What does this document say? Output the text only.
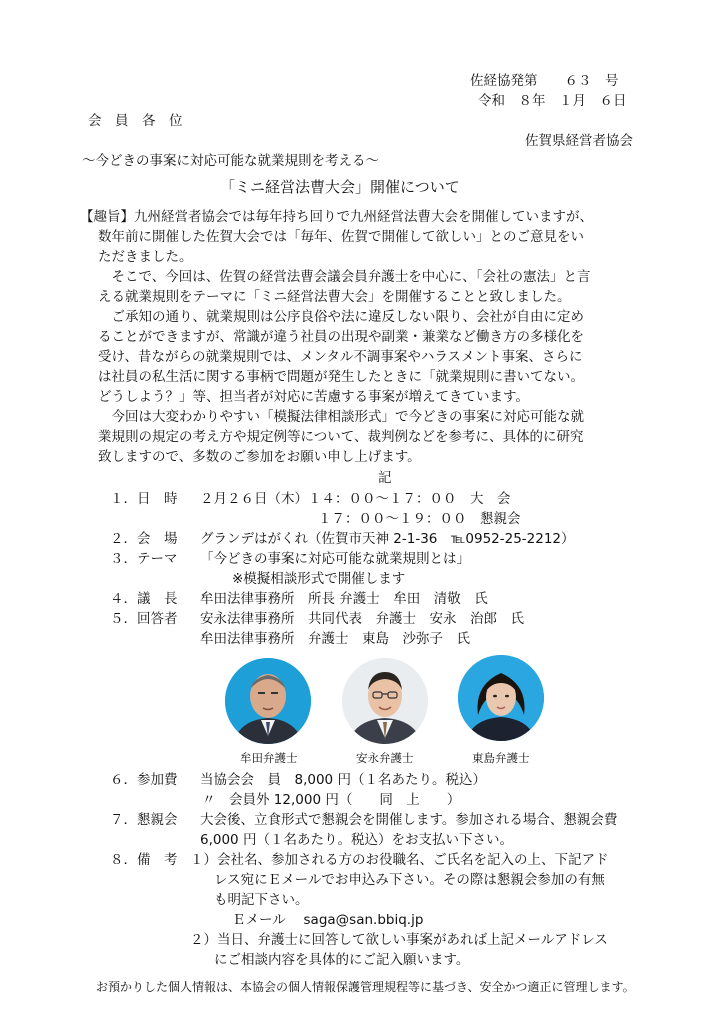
佐経協発第　　６３　号
令和　８年　１月　６日
会　員　各　位
佐賀県経営者協会
～今どきの事案に対応可能な就業規則を考える～
「ミニ経営法曹大会」開催について
【趣旨】九州経営者協会では毎年持ち回りで九州経営法曹大会を開催していますが、
数年前に開催した佐賀大会では「毎年、佐賀で開催して欲しい」とのご意見をい
ただきました。
　そこで、今回は、佐賀の経営法曹会議会員弁護士を中心に、「会社の憲法」と言
える就業規則をテーマに「ミニ経営法曹大会」を開催することと致しました。
　ご承知の通り、就業規則は公序良俗や法に違反しない限り、会社が自由に定め
ることができますが、常識が違う社員の出現や副業・兼業など働き方の多様化を
受け、昔ながらの就業規則では、メンタル不調事案やハラスメント事案、さらに
は社員の私生活に関する事柄で問題が発生したときに「就業規則に書いてない。
どうしよう？」等、担当者が対応に苦慮する事案が増えてきています。
　今回は大変わかりやすい「模擬法律相談形式」で今どきの事案に対応可能な就
業規則の規定の考え方や規定例等について、裁判例などを参考に、具体的に研究
致しますので、多数のご参加をお願い申し上げます。
記
１．日　時 ２月２６日（木）１４：００～１７：００　大　会
１７：００～１９：００　懇親会
２．会　場 グランデはがくれ（佐賀市天神 2-1-36　℡0952-25-2212）
３．テーマ 「今どきの事案に対応可能な就業規則とは」
※模擬相談形式で開催します
４．議　長 牟田法律事務所　所長 弁護士　牟田　清敬　氏
５．回答者 安永法律事務所　共同代表　弁護士　安永　治郎　氏
牟田法律事務所　弁護士　東島　沙弥子　氏
牟田弁護士	安永弁護士	東島弁護士
６．参加費 当協会会　員　8,000 円（１名あたり。税込）
〃　会員外 12,000 円（　　同　上　　）
７．懇親会 大会後、立食形式で懇親会を開催します。参加される場合、懇親会費
6,000 円（１名あたり。税込）をお支払い下さい。
８．備　考 １）会社名、参加される方のお役職名、ご氏名を記入の上、下記アド
レス宛にＥメールでお申込み下さい。その際は懇親会参加の有無
も明記下さい。
Ｅメール　 saga@san.bbiq.jp
２）当日、弁護士に回答して欲しい事案があれば上記メールアドレス
にご相談内容を具体的にご記入願います。
お預かりした個人情報は、本協会の個人情報保護管理規程等に基づき、安全かつ適正に管理します。
